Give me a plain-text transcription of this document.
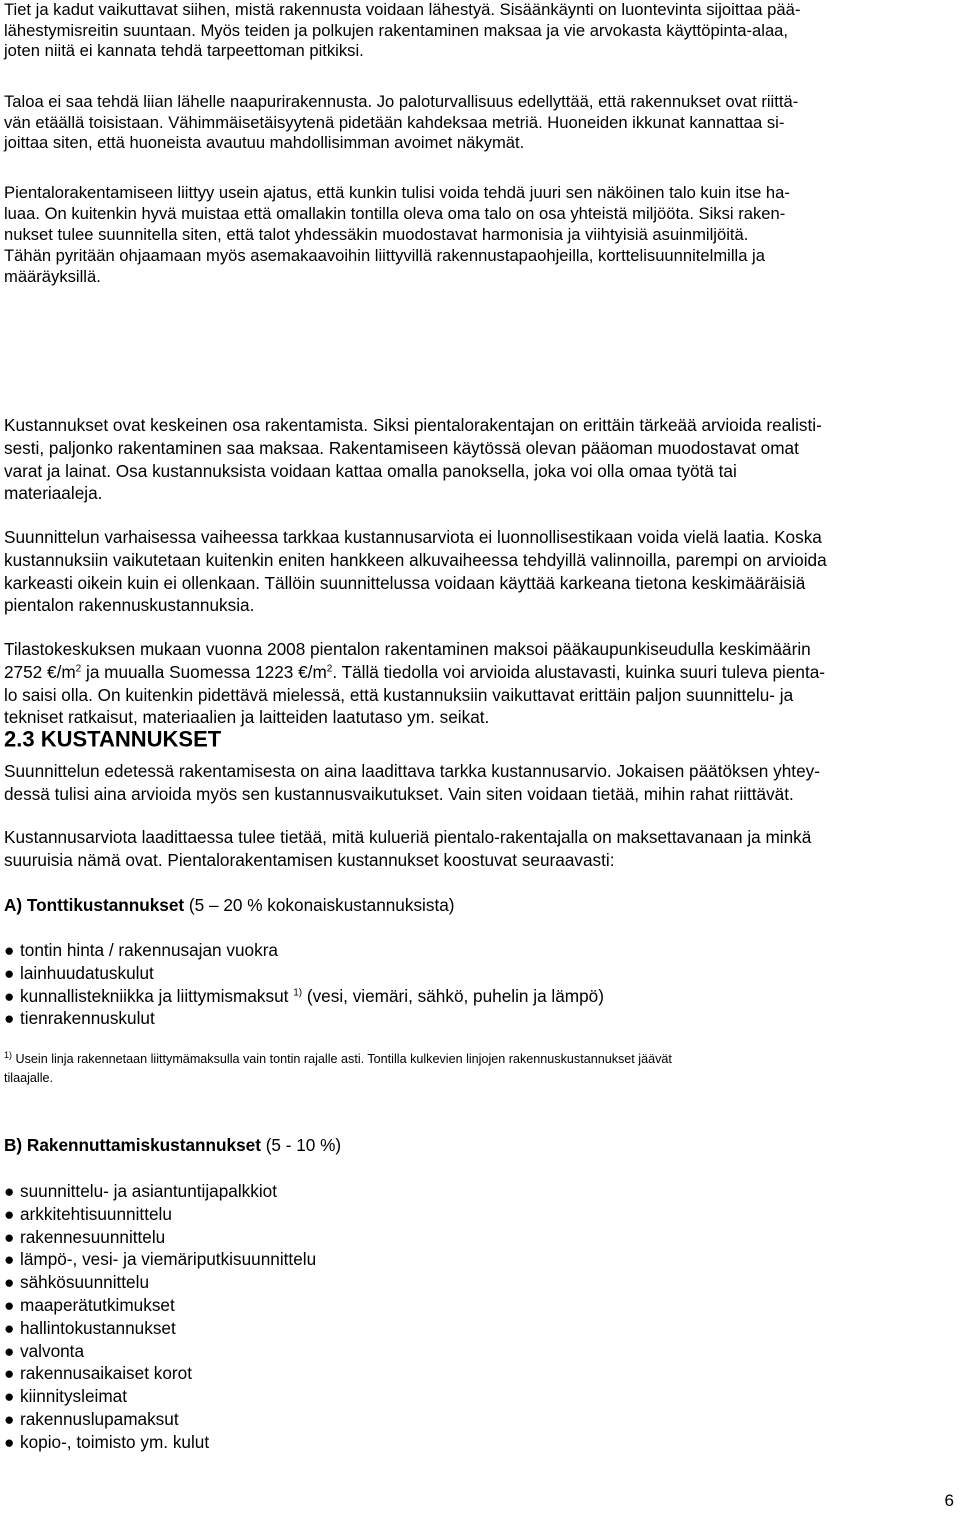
Tiet ja kadut vaikuttavat siihen, mistä rakennusta voidaan lähestyä. Sisäänkäynti on luontevinta sijoittaa pää-

lähestymisreitin suuntaan. Myös teiden ja polkujen rakentaminen maksaa ja vie arvokasta käyttöpinta-alaa,

joten niitä ei kannata tehdä tarpeettoman pitkiksi.

Taloa ei saa tehdä liian lähelle naapurirakennusta. Jo paloturvallisuus edellyttää, että rakennukset ovat riittä-

vän etäällä toisistaan. Vähimmäisetäisyytenä pidetään kahdeksaa metriä. Huoneiden ikkunat kannattaa si-

joittaa siten, että huoneista avautuu mahdollisimman avoimet näkymät.

Pientalorakentamiseen liittyy usein ajatus, että kunkin tulisi voida tehdä juuri sen näköinen talo kuin itse ha-

luaa. On kuitenkin hyvä muistaa että omallakin tontilla oleva oma talo on osa yhteistä miljööta. Siksi raken-

nukset tulee suunnitella siten, että talot yhdessäkin muodostavat harmonisia ja viihtyisiä asuinmiljöitä.

Tähän pyritään ohjaamaan myös asemakaavoihin liittyvillä rakennustapaohjeilla, korttelisuunnitelmilla ja

määräyksillä.

2.3 KUSTANNUKSET

Kustannukset ovat keskeinen osa rakentamista. Siksi pientalorakentajan on erittäin tärkeää arvioida realisti-

sesti, paljonko rakentaminen saa maksaa. Rakentamiseen käytössä olevan pääoman muodostavat omat

varat ja lainat. Osa kustannuksista voidaan kattaa omalla panoksella, joka voi olla omaa työtä tai

materiaaleja.

Suunnittelun varhaisessa vaiheessa tarkkaa kustannusarviota ei luonnollisestikaan voida vielä laatia. Koska

kustannuksiin vaikutetaan kuitenkin eniten hankkeen alkuvaiheessa tehdyillä valinnoilla, parempi on arvioida

karkeasti oikein kuin ei ollenkaan. Tällöin suunnittelussa voidaan käyttää karkeana tietona keskimääräisiä

pientalon rakennuskustannuksia.

Tilastokeskuksen mukaan vuonna 2008 pientalon rakentaminen maksoi pääkaupunkiseudulla keskimäärin

2752 $€/m^2$ ja muualla Suomessa 1223 $€/m^2$. Tällä tiedolla voi arvioida alustavasti, kuinka suuri tuleva pienta-

lo saisi olla. On kuitenkin pidettävä mielessä, että kustannuksiin vaikuttavat erittäin paljon suunnittelu- ja

tekniset ratkaisut, materiaalien ja laitteiden laatutaso ym. seikat.

Suunnittelun edetessä rakentamisesta on aina laadittava tarkka kustannusarvio. Jokaisen päätöksen yhtey-

dessä tulisi aina arvioida myös sen kustannusvaikutukset. Vain siten voidaan tietää, mihin rahat riittävät.

Kustannusarviota laadittaessa tulee tietää, mitä kulueriä pientalo-rakentajalla on maksettavanaan ja minkä

suuruisia nämä ovat. Pientalorakentamisen kustannukset koostuvat seuraavasti:

A) Tonttikustannukset (5 – 20 % kokonaiskustannuksista)

● tontin hinta / rakennusajan vuokra

● lainhuudatuskulut

● kunnallistekniikka ja liittymismaksut $^{1)}$ (vesi, viemäri, sähkö, puhelin ja lämpö)

● tienrakennuskulut

$^{1)}$ Usein linja rakennetaan liittymämaksulla vain tontin rajalle asti. Tontilla kulkevien linjojen rakennuskustannukset jäävät

tilaajalle.

B) Rakennuttamiskustannukset (5 - 10 %)

● suunnittelu- ja asiantuntijapalkkiot

● arkkitehtisuunnittelu

● rakennesuunnittelu

● lämpö-, vesi- ja viemäriputkisuunnittelu

● sähkösuunnittelu

● maaperätutkimukset

● hallintokustannukset

● valvonta

● rakennusaikaiset korot

● kiinnitysleimat

● rakennuslupamaksut

● kopio-, toimisto ym. kulut

6
